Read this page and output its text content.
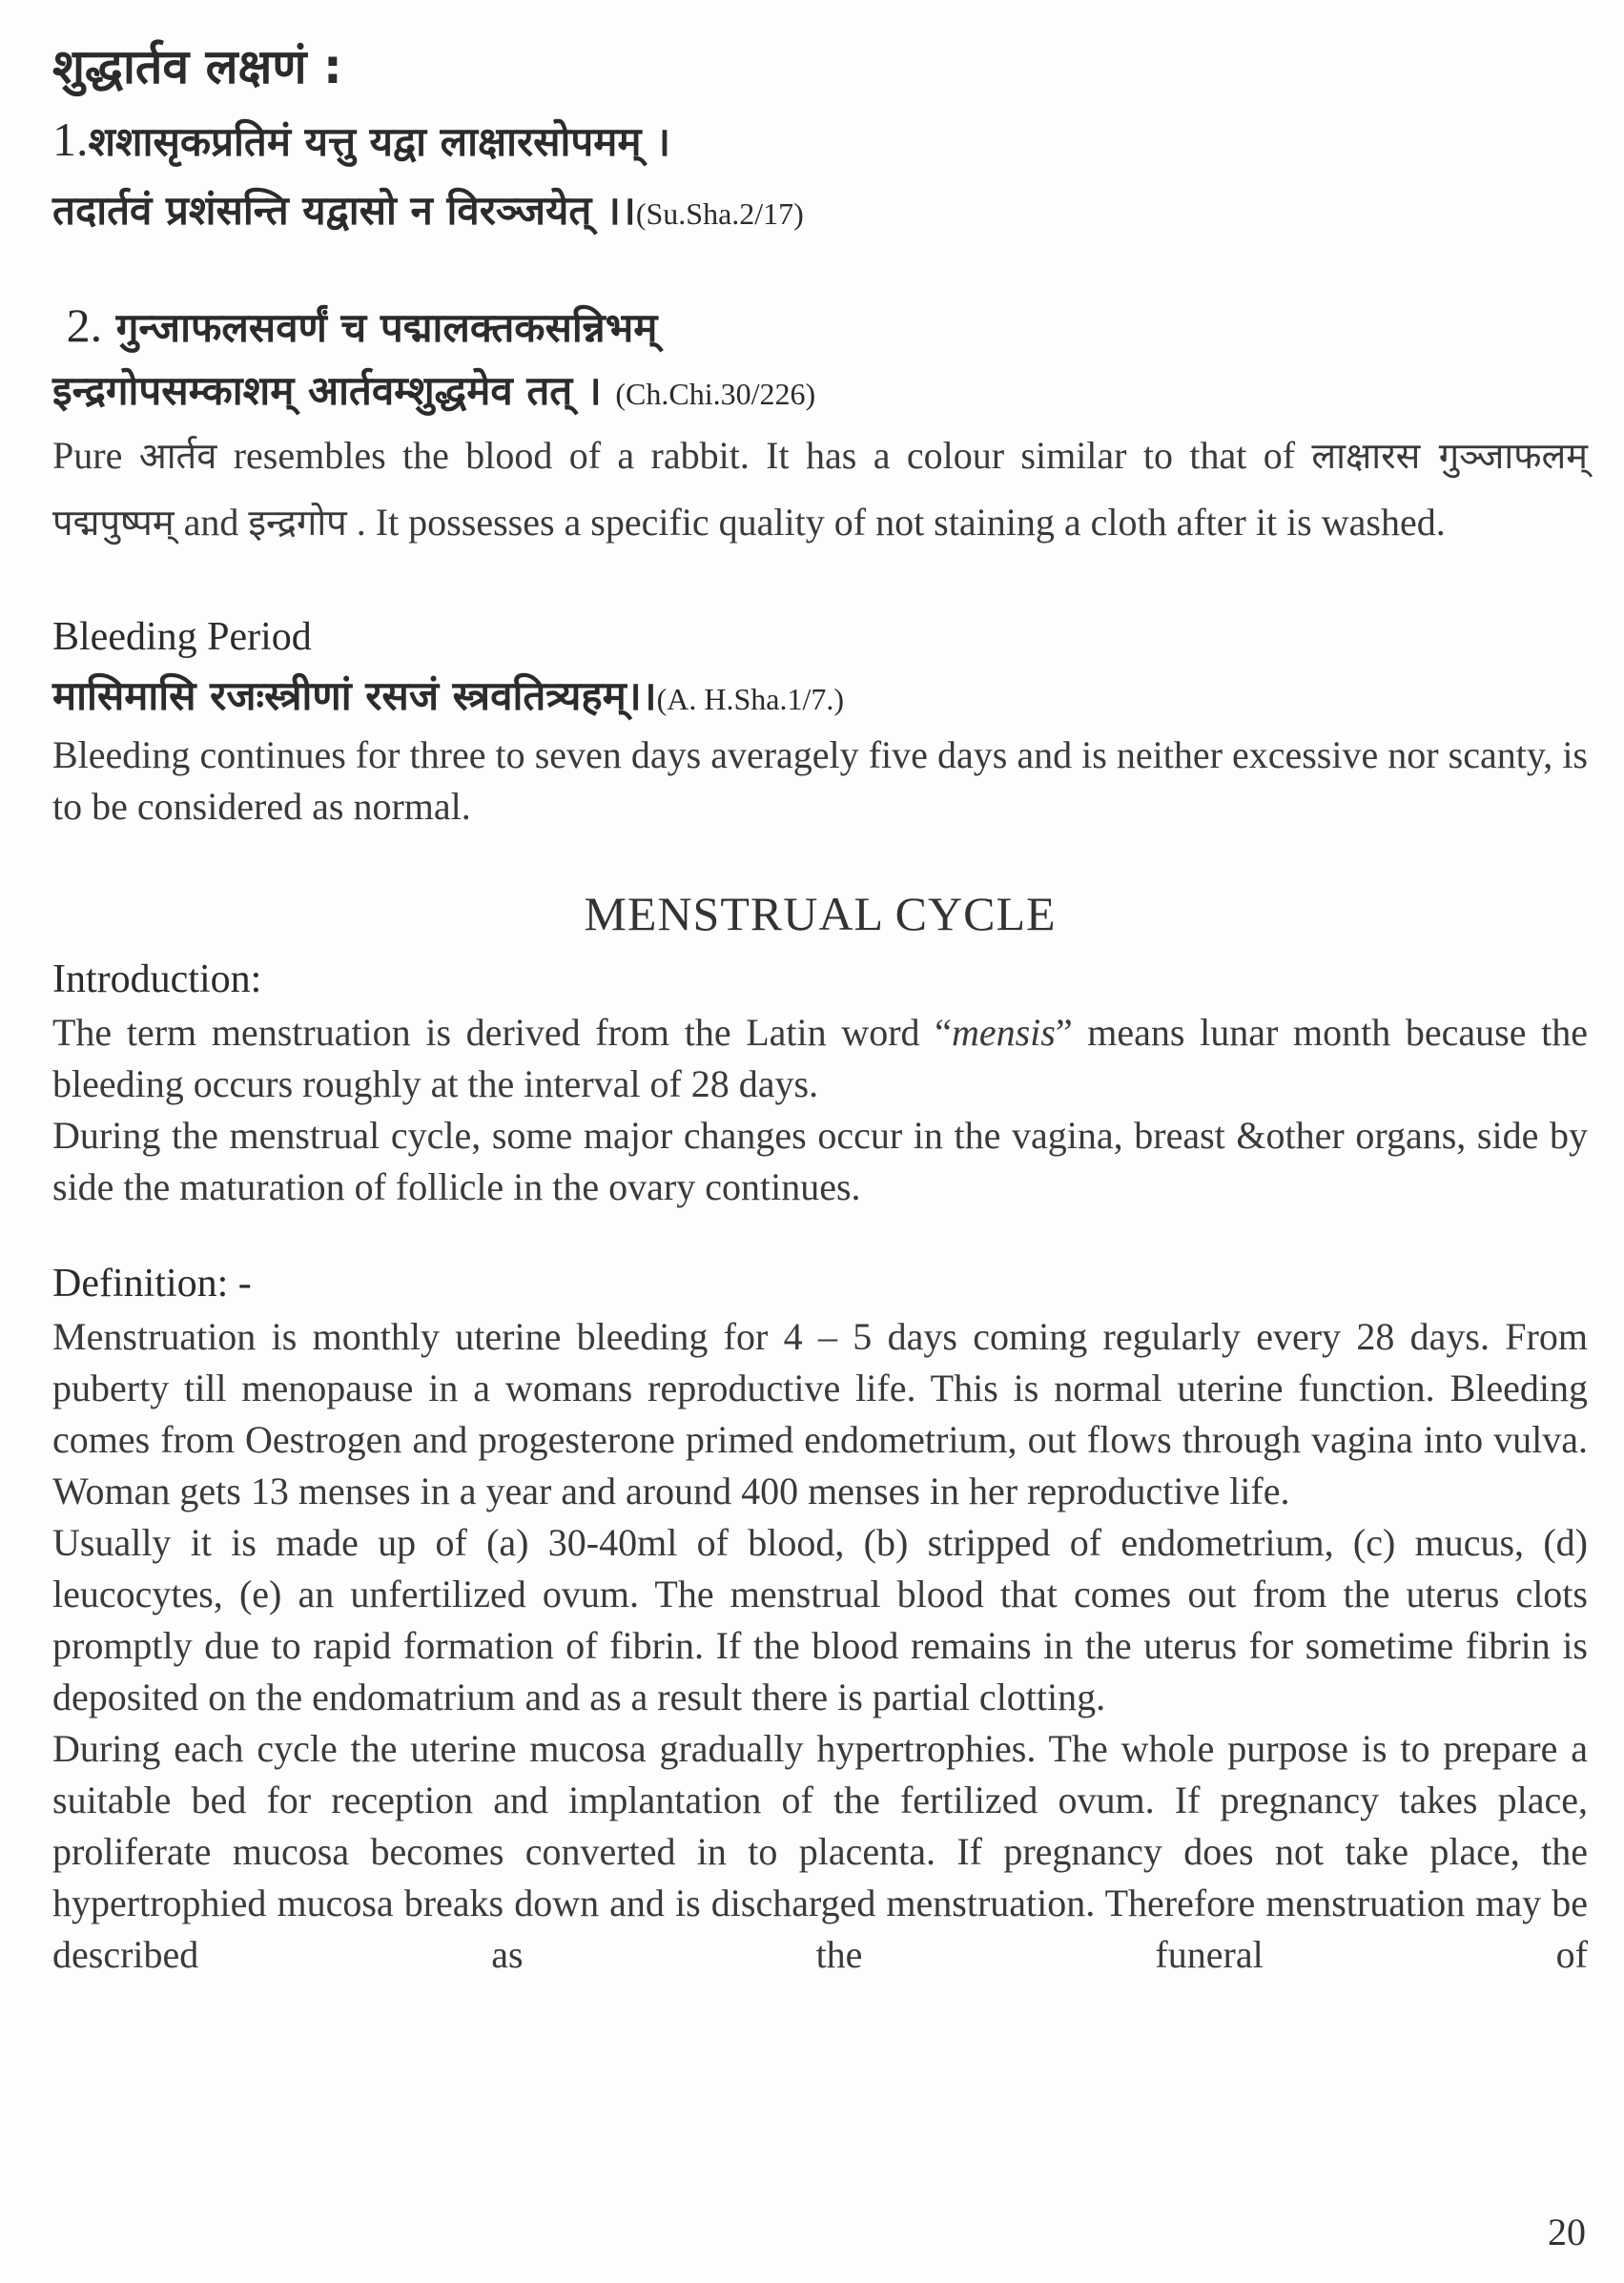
शुद्धार्तव लक्षणं :

1.शशासृकप्रतिमं यत्तु यद्वा लाक्षारसोपमम् ।

तदार्तवं प्रशंसन्ति यद्वासो न विरञ्जयेत् ।।(Su.Sha.2/17)

2. गुन्जाफलसवर्णं च पद्मालक्तकसन्निभम्

इन्द्रगोपसम्काशम् आर्तवम्शुद्धमेव तत् । (Ch.Chi.30/226)

Pure आर्तव resembles the blood of a rabbit. It has a colour similar to that of लाक्षारस गुञ्जाफलम् पद्मपुष्पम् and इन्द्रगोप . It possesses a specific quality of not staining a cloth after it is washed.

Bleeding Period

मासिमासि रजःस्त्रीणां रसजं स्त्रवतित्र्यहम्।।(A. H.Sha.1/7.)

Bleeding continues for three to seven days averagely five days and is neither excessive nor scanty, is to be considered as normal.

MENSTRUAL CYCLE
Introduction:

The term menstruation is derived from the Latin word “mensis” means lunar month because the bleeding occurs roughly at the interval of 28 days.

During the menstrual cycle, some major changes occur in the vagina, breast &other organs, side by side the maturation of follicle in the ovary continues.

Definition: -

Menstruation is monthly uterine bleeding for 4 – 5 days coming regularly every 28 days. From puberty till menopause in a womans reproductive life. This is normal uterine function. Bleeding comes from Oestrogen and progesterone primed endometrium, out flows through vagina into vulva. Woman gets 13 menses in a year and around 400 menses in her reproductive life.

Usually it is made up of (a) 30-40ml of blood, (b) stripped of endometrium, (c) mucus, (d) leucocytes, (e) an unfertilized ovum. The menstrual blood that comes out from the uterus clots promptly due to rapid formation of fibrin. If the blood remains in the uterus for sometime fibrin is deposited on the endomatrium and as a result there is partial clotting.

During each cycle the uterine mucosa gradually hypertrophies. The whole purpose is to prepare a suitable bed for reception and implantation of the fertilized ovum. If pregnancy takes place, proliferate mucosa becomes converted in to placenta. If pregnancy does not take place, the hypertrophied mucosa breaks down and is discharged menstruation. Therefore menstruation may be described as the funeral of

20
